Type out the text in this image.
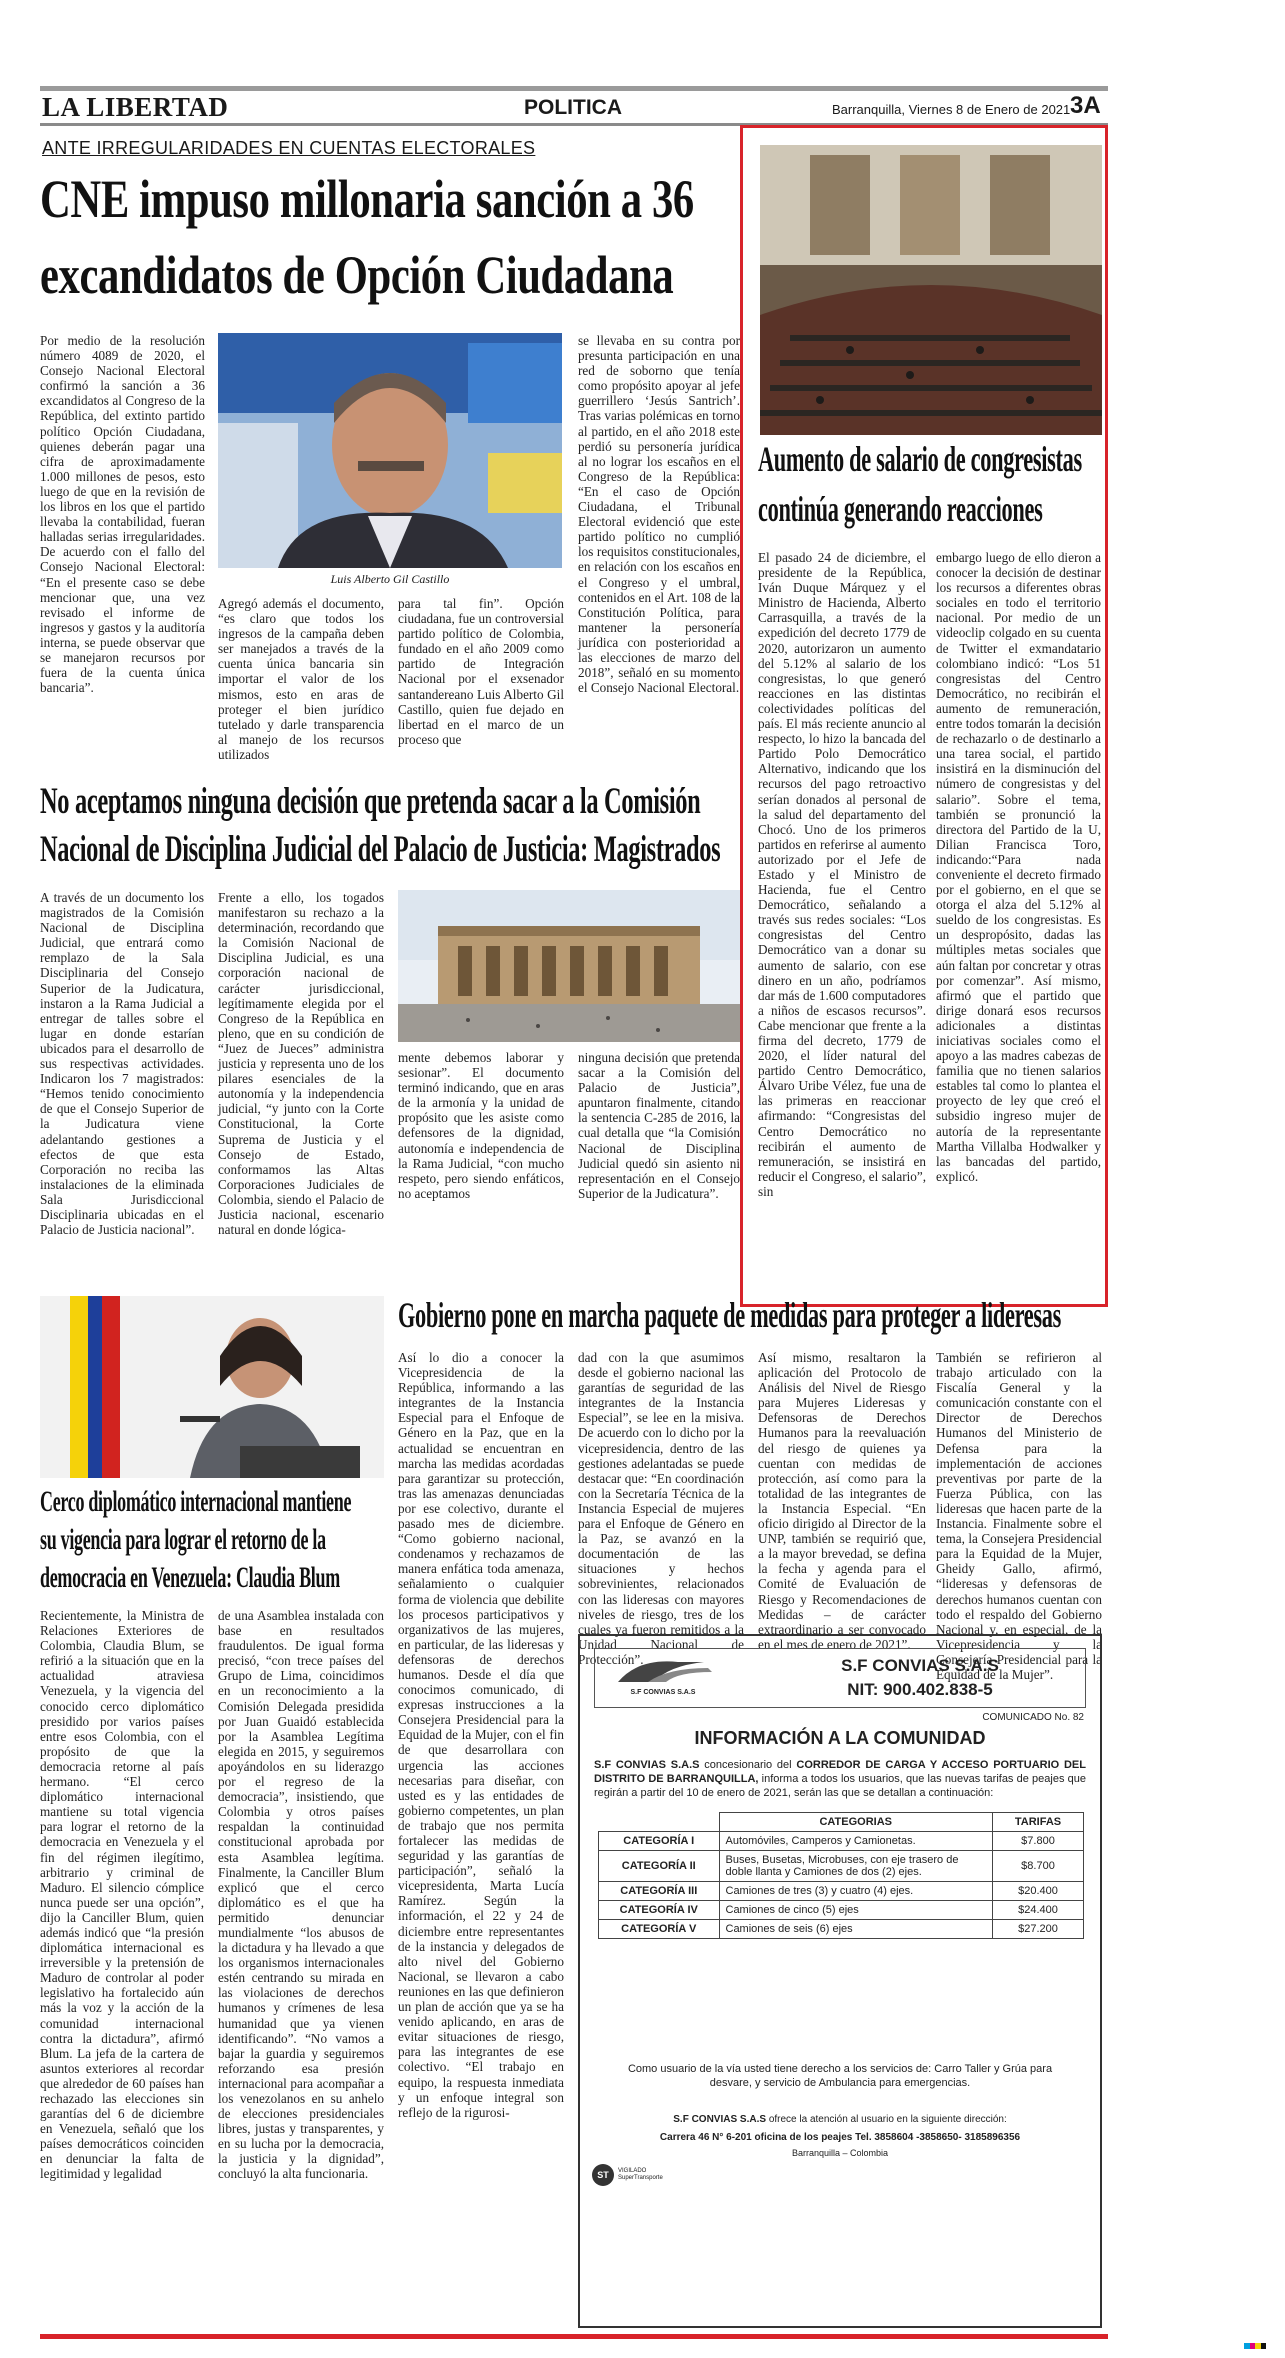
LA LIBERTAD	POLITICA	Barranquilla, Viernes 8 de Enero de 2021 3A
ANTE IRREGULARIDADES EN CUENTAS ELECTORALES
CNE impuso millonaria sanción a 36
excandidatos de Opción Ciudadana
Por medio de la resolución número 4089 de 2020, el Consejo Nacional Electoral confirmó la sanción a 36 excandidatos al Congreso de la República, del extinto partido político Opción Ciudadana, quienes deberán pagar una cifra de aproximadamente 1.000 millones de pesos, esto luego de que en la revisión de los libros en los que el partido llevaba la contabilidad, fueran halladas serias irregularidades. De acuerdo con el fallo del Consejo Nacional Electoral: “En el presente caso se debe mencionar que, una vez revisado el informe de ingresos y gastos y la auditoría interna, se puede observar que se manejaron recursos por fuera de la cuenta única bancaria”.
Luis Alberto Gil Castillo
Agregó además el documento, “es claro que todos los ingresos de la campaña deben ser manejados a través de la cuenta única bancaria sin importar el valor de los mismos, esto en aras de proteger el bien jurídico tutelado y darle transparencia al manejo de los recursos utilizados
para tal fin”. Opción ciudadana, fue un controversial partido político de Colombia, fundado en el año 2009 como partido de Integración Nacional por el exsenador santandereano Luis Alberto Gil Castillo, quien fue dejado en libertad en el marco de un proceso que
se llevaba en su contra por presunta participación en una red de soborno que tenía como propósito apoyar al jefe guerrillero ‘Jesús Santrich’. Tras varias polémicas en torno al partido, en el año 2018 este perdió su personería jurídica al no lograr los escaños en el Congreso de la República: “En el caso de Opción Ciudadana, el Tribunal Electoral evidenció que este partido político no cumplió los requisitos constitucionales, en relación con los escaños en el Congreso y el umbral, contenidos en el Art. 108 de la Constitución Política, para mantener la personería jurídica con posterioridad a las elecciones de marzo del 2018”, señaló en su momento el Consejo Nacional Electoral.
No aceptamos ninguna decisión que pretenda sacar a la Comisión
Nacional de Disciplina Judicial del Palacio de Justicia: Magistrados
A través de un documento los magistrados de la Comisión Nacional de Disciplina Judicial, que entrará como remplazo de la Sala Disciplinaria del Consejo Superior de la Judicatura, instaron a la Rama Judicial a entregar de talles sobre el lugar en donde estarían ubicados para el desarrollo de sus respectivas actividades. Indicaron los 7 magistrados: “Hemos tenido conocimiento de que el Consejo Superior de la Judicatura viene adelantando gestiones a efectos de que esta Corporación no reciba las instalaciones de la eliminada Sala Jurisdiccional Disciplinaria ubicadas en el Palacio de Justicia nacional”.
Frente a ello, los togados manifestaron su rechazo a la determinación, recordando que la Comisión Nacional de Disciplina Judicial, es una corporación nacional de carácter jurisdiccional, legítimamente elegida por el Congreso de la República en pleno, que en su condición de “Juez de Jueces” administra justicia y representa uno de los pilares esenciales de la autonomía y la independencia judicial, “y junto con la Corte Constitucional, la Corte Suprema de Justicia y el Consejo de Estado, conformamos las Altas Corporaciones Judiciales de Colombia, siendo el Palacio de Justicia nacional, escenario natural en donde lógica-
mente debemos laborar y sesionar”. El documento terminó indicando, que en aras de la armonía y la unidad de propósito que les asiste como defensores de la dignidad, autonomía e independencia de la Rama Judicial, “con mucho respeto, pero siendo enfáticos, no aceptamos
ninguna decisión que pretenda sacar a la Comisión del Palacio de Justicia”, apuntaron finalmente, citando la sentencia C-285 de 2016, la cual detalla que “la Comisión Nacional de Disciplina Judicial quedó sin asiento ni representación en el Consejo Superior de la Judicatura”.
Aumento de salario de congresistas
continúa generando reacciones
El pasado 24 de diciembre, el presidente de la República, Iván Duque Márquez y el Ministro de Hacienda, Alberto Carrasquilla, a través de la expedición del decreto 1779 de 2020, autorizaron un aumento del 5.12% al salario de los congresistas, lo que generó reacciones en las distintas colectividades políticas del país. El más reciente anuncio al respecto, lo hizo la bancada del Partido Polo Democrático Alternativo, indicando que los recursos del pago retroactivo serían donados al personal de la salud del departamento del Chocó. Uno de los primeros partidos en referirse al aumento autorizado por el Jefe de Estado y el Ministro de Hacienda, fue el Centro Democrático, señalando a través sus redes sociales: “Los congresistas del Centro Democrático van a donar su aumento de salario, con ese dinero en un año, podríamos dar más de 1.600 computadores a niños de escasos recursos”. Cabe mencionar que frente a la firma del decreto, 1779 de 2020, el líder natural del partido Centro Democrático, Álvaro Uribe Vélez, fue una de las primeras en reaccionar afirmando: “Congresistas del Centro Democrático no recibirán el aumento de remuneración, se insistirá en reducir el Congreso, el salario”, sin
embargo luego de ello dieron a conocer la decisión de destinar los recursos a diferentes obras sociales en todo el territorio nacional. Por medio de un videoclip colgado en su cuenta de Twitter el exmandatario colombiano indicó: “Los 51 congresistas del Centro Democrático, no recibirán el aumento de remuneración, entre todos tomarán la decisión de rechazarlo o de destinarlo a una tarea social, el partido insistirá en la disminución del número de congresistas y del salario”. Sobre el tema, también se pronunció la directora del Partido de la U, Dilian Francisca Toro, indicando:“Para nada conveniente el decreto firmado por el gobierno, en el que se otorga el alza del 5.12% al sueldo de los congresistas. Es un despropósito, dadas las múltiples metas sociales que aún faltan por concretar y otras por comenzar”. Así mismo, afirmó que el partido que dirige donará esos recursos adicionales a distintas iniciativas sociales como el apoyo a las madres cabezas de familia que no tienen salarios estables tal como lo plantea el proyecto de ley que creó el subsidio ingreso mujer de autoría de la representante Martha Villalba Hodwalker y las bancadas del partido, explicó.
Cerco diplomático internacional mantiene
su vigencia para lograr el retorno de la
democracia en Venezuela: Claudia Blum
Recientemente, la Ministra de Relaciones Exteriores de Colombia, Claudia Blum, se refirió a la situación que en la actualidad atraviesa Venezuela, y la vigencia del conocido cerco diplomático presidido por varios países entre esos Colombia, con el propósito de que la democracia retorne al país hermano. “El cerco diplomático internacional mantiene su total vigencia para lograr el retorno de la democracia en Venezuela y el fin del régimen ilegítimo, arbitrario y criminal de Maduro. El silencio cómplice nunca puede ser una opción”, dijo la Canciller Blum, quien además indicó que “la presión diplomática internacional es irreversible y la pretensión de Maduro de controlar al poder legislativo ha fortalecido aún más la voz y la acción de la comunidad internacional contra la dictadura”, afirmó Blum. La jefa de la cartera de asuntos exteriores al recordar que alrededor de 60 países han rechazado las elecciones sin garantías del 6 de diciembre en Venezuela, señaló que los países democráticos coinciden en denunciar la falta de legitimidad y legalidad
de una Asamblea instalada con base en resultados fraudulentos. De igual forma precisó, “con trece países del Grupo de Lima, coincidimos en un reconocimiento a la Comisión Delegada presidida por Juan Guaidó establecida por la Asamblea Legítima elegida en 2015, y seguiremos apoyándolos en su liderazgo por el regreso de la democracia”, insistiendo, que Colombia y otros países respaldan la continuidad constitucional aprobada por esta Asamblea legítima. Finalmente, la Canciller Blum explicó que el cerco diplomático es el que ha permitido denunciar mundialmente “los abusos de la dictadura y ha llevado a que los organismos internacionales estén centrando su mirada en las violaciones de derechos humanos y crímenes de lesa humanidad que ya vienen identificando”. “No vamos a bajar la guardia y seguiremos reforzando esa presión internacional para acompañar a los venezolanos en su anhelo de elecciones presidenciales libres, justas y transparentes, y en su lucha por la democracia, la justicia y la dignidad”, concluyó la alta funcionaria.
Gobierno pone en marcha paquete de medidas para proteger a lideresas
Así lo dio a conocer la Vicepresidencia de la República, informando a las integrantes de la Instancia Especial para el Enfoque de Género en la Paz, que en la actualidad se encuentran en marcha las medidas acordadas para garantizar su protección, tras las amenazas denunciadas por ese colectivo, durante el pasado mes de diciembre. “Como gobierno nacional, condenamos y rechazamos de manera enfática toda amenaza, señalamiento o cualquier forma de violencia que debilite los procesos participativos y organizativos de las mujeres, en particular, de las lideresas y defensoras de derechos humanos. Desde el día que conocimos comunicado, di expresas instrucciones a la Consejera Presidencial para la Equidad de la Mujer, con el fin de que desarrollara con urgencia las acciones necesarias para diseñar, con usted es y las entidades de gobierno competentes, un plan de trabajo que nos permita fortalecer las medidas de seguridad y las garantías de participación”, señaló la vicepresidenta, Marta Lucía Ramírez. Según la información, el 22 y 24 de diciembre entre representantes de la instancia y delegados de alto nivel del Gobierno Nacional, se llevaron a cabo reuniones en las que definieron un plan de acción que ya se ha venido aplicando, en aras de evitar situaciones de riesgo, para las integrantes de ese colectivo. “El trabajo en equipo, la respuesta inmediata y un enfoque integral son reflejo de la rigurosi-
dad con la que asumimos desde el gobierno nacional las garantías de seguridad de las integrantes de la Instancia Especial”, se lee en la misiva. De acuerdo con lo dicho por la vicepresidencia, dentro de las gestiones adelantadas se puede destacar que: “En coordinación con la Secretaría Técnica de la Instancia Especial de mujeres para el Enfoque de Género en la Paz, se avanzó en la documentación de las situaciones y hechos sobrevinientes, relacionados con las lideresas con mayores niveles de riesgo, tres de los cuales ya fueron remitidos a la Unidad Nacional de Protección”.
Así mismo, resaltaron la aplicación del Protocolo de Análisis del Nivel de Riesgo para Mujeres Lideresas y Defensoras de Derechos Humanos para la reevaluación del riesgo de quienes ya cuentan con medidas de protección, así como para la totalidad de las integrantes de la Instancia Especial. “En oficio dirigido al Director de la UNP, también se requirió que, a la mayor brevedad, se defina la fecha y agenda para el Comité de Evaluación de Riesgo y Recomendaciones de Medidas – de carácter extraordinario a ser convocado en el mes de enero de 2021”.
También se refirieron al trabajo articulado con la Fiscalía General y la comunicación constante con el Director de Derechos Humanos del Ministerio de Defensa para la implementación de acciones preventivas por parte de la Fuerza Pública, con las lideresas que hacen parte de la Instancia. Finalmente sobre el tema, la Consejera Presidencial para la Equidad de la Mujer, Gheidy Gallo, afirmó, “lideresas y defensoras de derechos humanos cuentan con todo el respaldo del Gobierno Nacional y, en especial, de la Vicepresidencia y la Consejería Presidencial para la Equidad de la Mujer”.
S.F CONVIAS S.A.S
S.F CONVIAS S.A.S
NIT: 900.402.838-5
COMUNICADO No. 82
INFORMACIÓN A LA COMUNIDAD
S.F CONVIAS S.A.S concesionario del CORREDOR DE CARGA Y ACCESO PORTUARIO DEL DISTRITO DE BARRANQUILLA, informa a todos los usuarios, que las nuevas tarifas de peajes que regirán a partir del 10 de enero de 2021, serán las que se detallan a continuación:
	CATEGORIAS	TARIFAS
CATEGORÍA I	Automóviles, Camperos y Camionetas.	$7.800
CATEGORÍA II	Buses, Busetas, Microbuses, con eje trasero de doble llanta y Camiones de dos (2) ejes.	$8.700
CATEGORÍA III	Camiones de tres (3) y cuatro (4) ejes.	$20.400
CATEGORÍA IV	Camiones de cinco (5) ejes	$24.400
CATEGORÍA V	Camiones de seis (6) ejes	$27.200
Como usuario de la vía usted tiene derecho a los servicios de: Carro Taller y Grúa para desvare, y servicio de Ambulancia para emergencias.
S.F CONVIAS S.A.S ofrece la atención al usuario en la siguiente dirección:
Carrera 46 N° 6-201 oficina de los peajes Tel. 3858604 -3858650- 3185896356
Barranquilla – Colombia
ST	VIGILADO SuperTransporte
